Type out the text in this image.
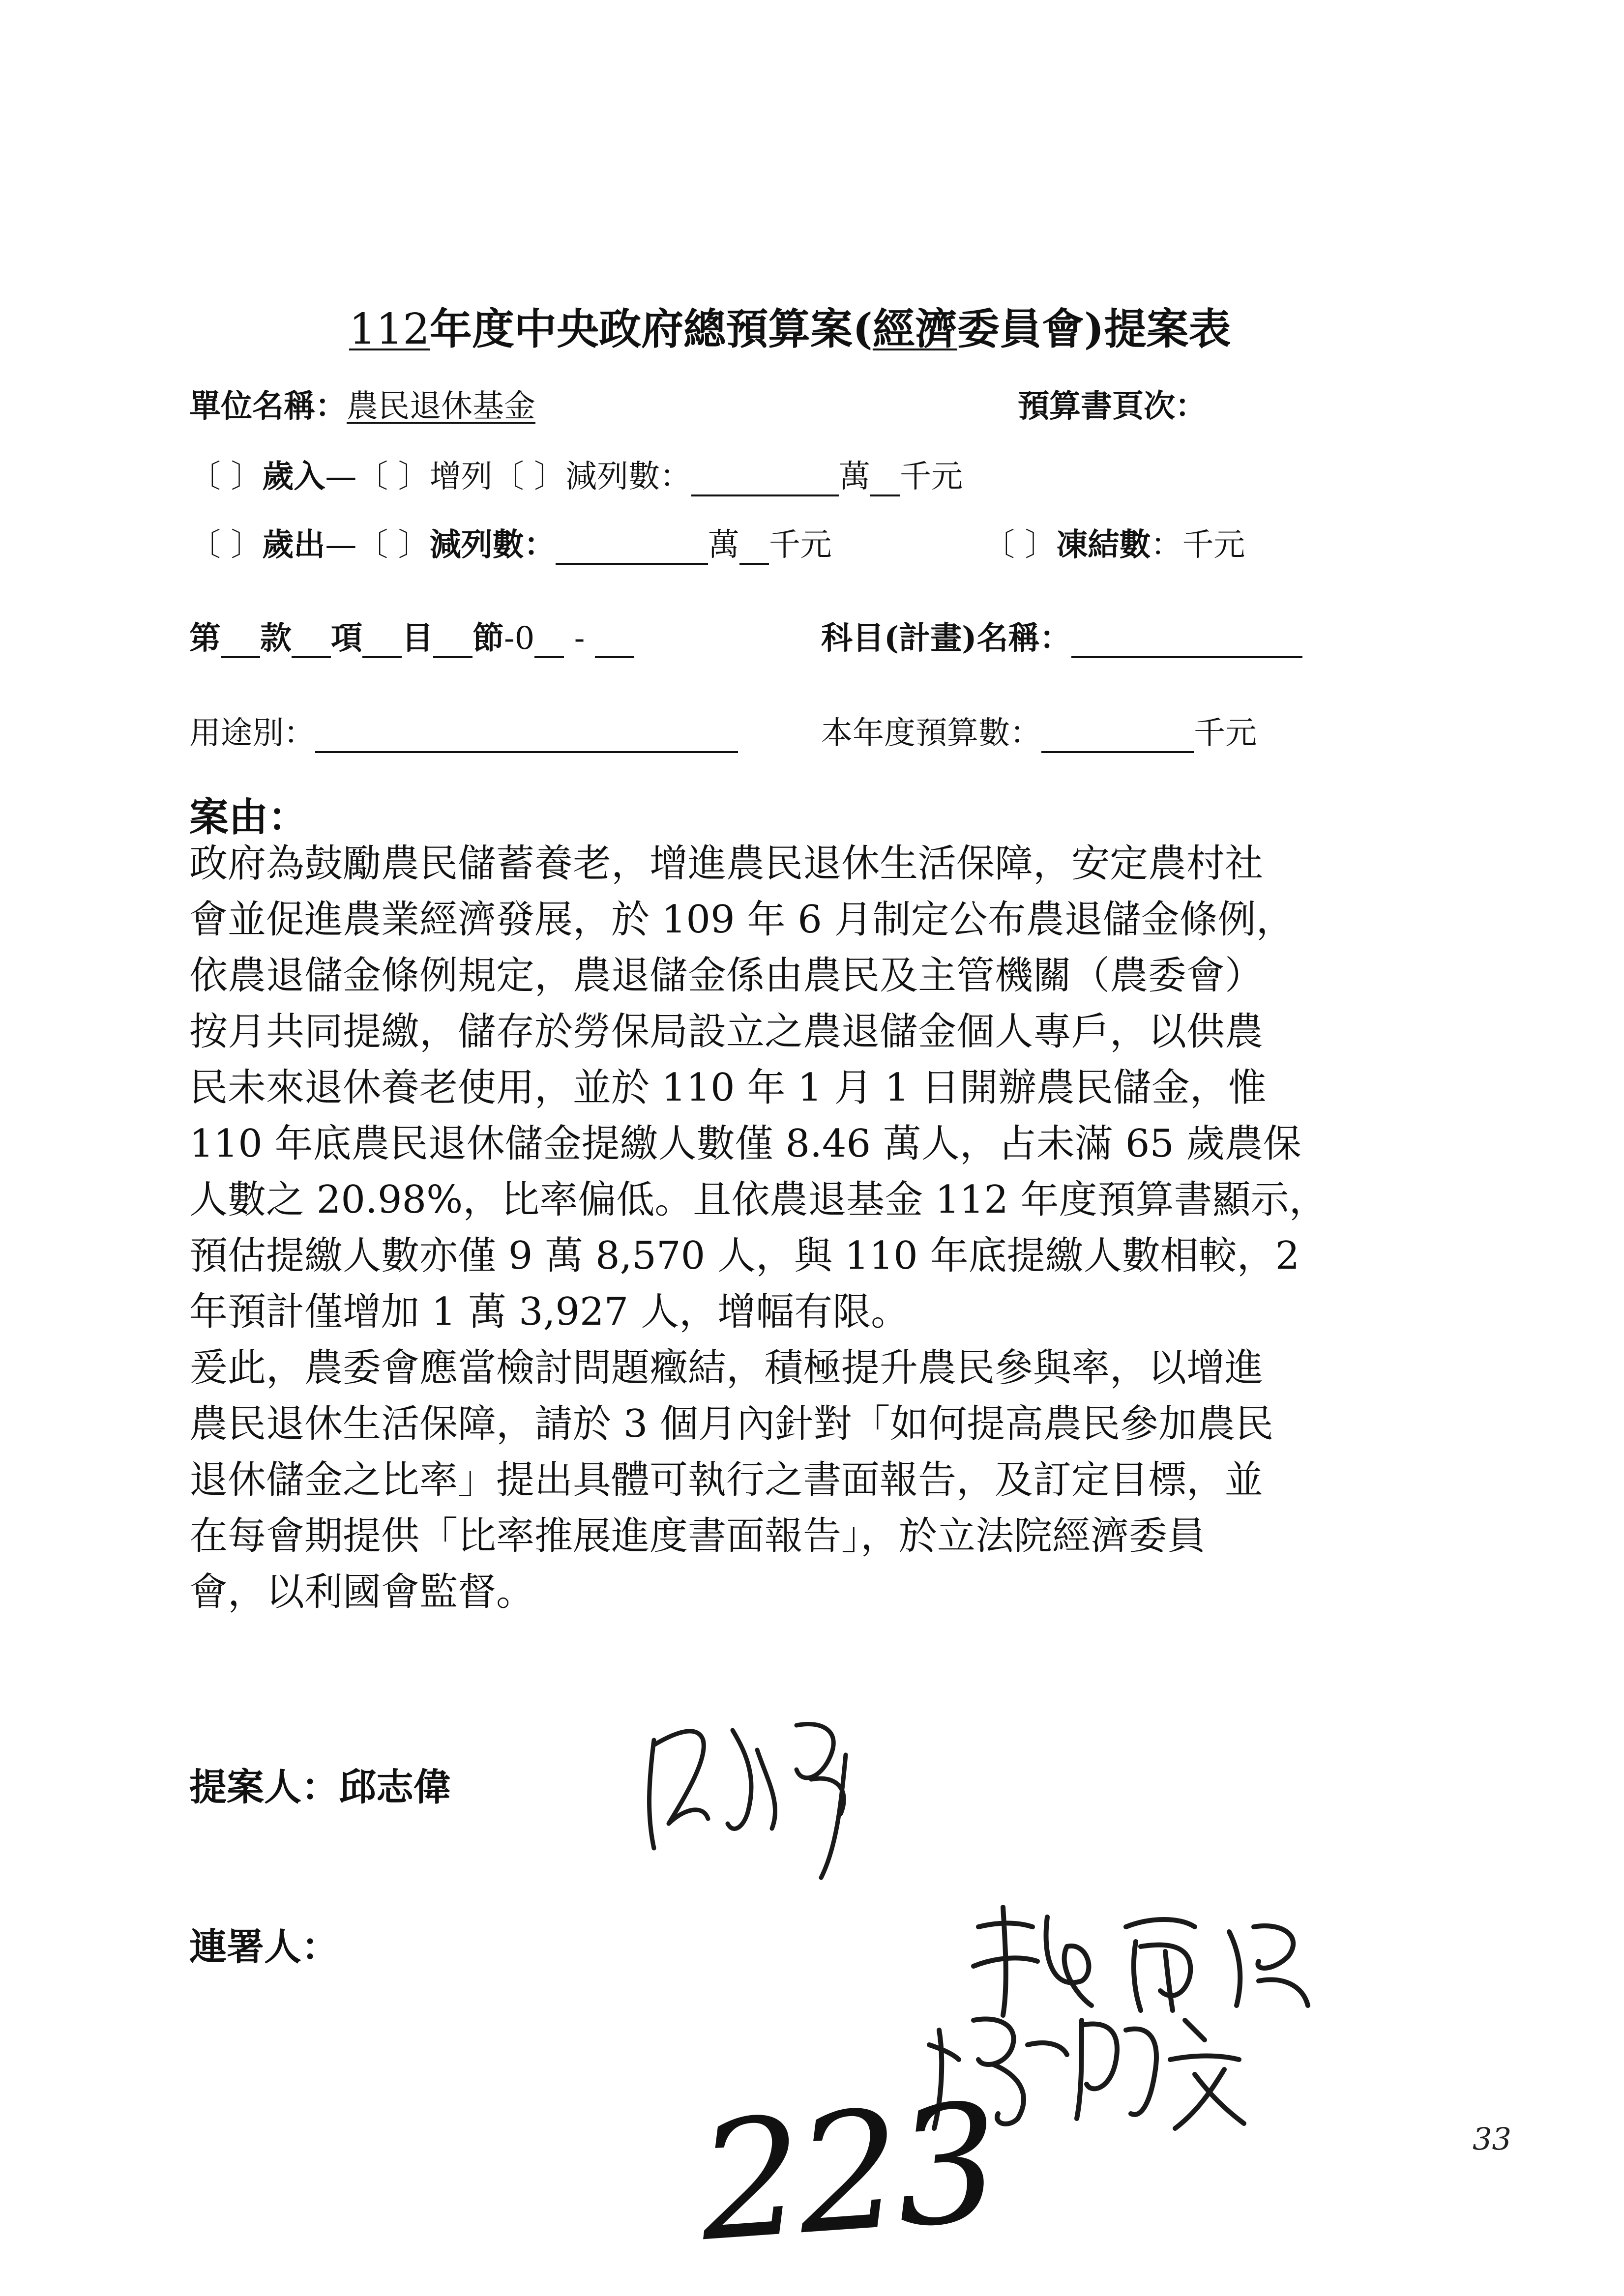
112年度中央政府總預算案(經濟委員會)提案表
單位名稱：農民退休基金	預算書頁次：
〔 〕歲入—〔 〕增列〔 〕減列數：	萬 千元
〔 〕歲出—〔 〕減列數：	萬 千元	〔 〕凍結數：千元
第 款 項 目 節-0 -	科目(計畫)名稱：
用途別：	本年度預算數：	千元
案由：
政府為鼓勵農民儲蓄養老，增進農民退休生活保障，安定農村社
會並促進農業經濟發展，於 109 年 6 月制定公布農退儲金條例，
依農退儲金條例規定，農退儲金係由農民及主管機關（農委會）
按月共同提繳，儲存於勞保局設立之農退儲金個人專戶，以供農
民未來退休養老使用，並於 110 年 1 月 1 日開辦農民儲金，惟
110 年底農民退休儲金提繳人數僅 8.46 萬人，占未滿 65 歲農保
人數之 20.98%，比率偏低。且依農退基金 112 年度預算書顯示，
預估提繳人數亦僅 9 萬 8,570 人，與 110 年底提繳人數相較，2
年預計僅增加 1 萬 3,927 人，增幅有限。
爰此，農委會應當檢討問題癥結，積極提升農民參與率，以增進
農民退休生活保障，請於 3 個月內針對「如何提高農民參加農民
退休儲金之比率」提出具體可執行之書面報告，及訂定目標，並
在每會期提供「比率推展進度書面報告」，於立法院經濟委員
會，以利國會監督。
提案人：邱志偉
連署人：
223	33
